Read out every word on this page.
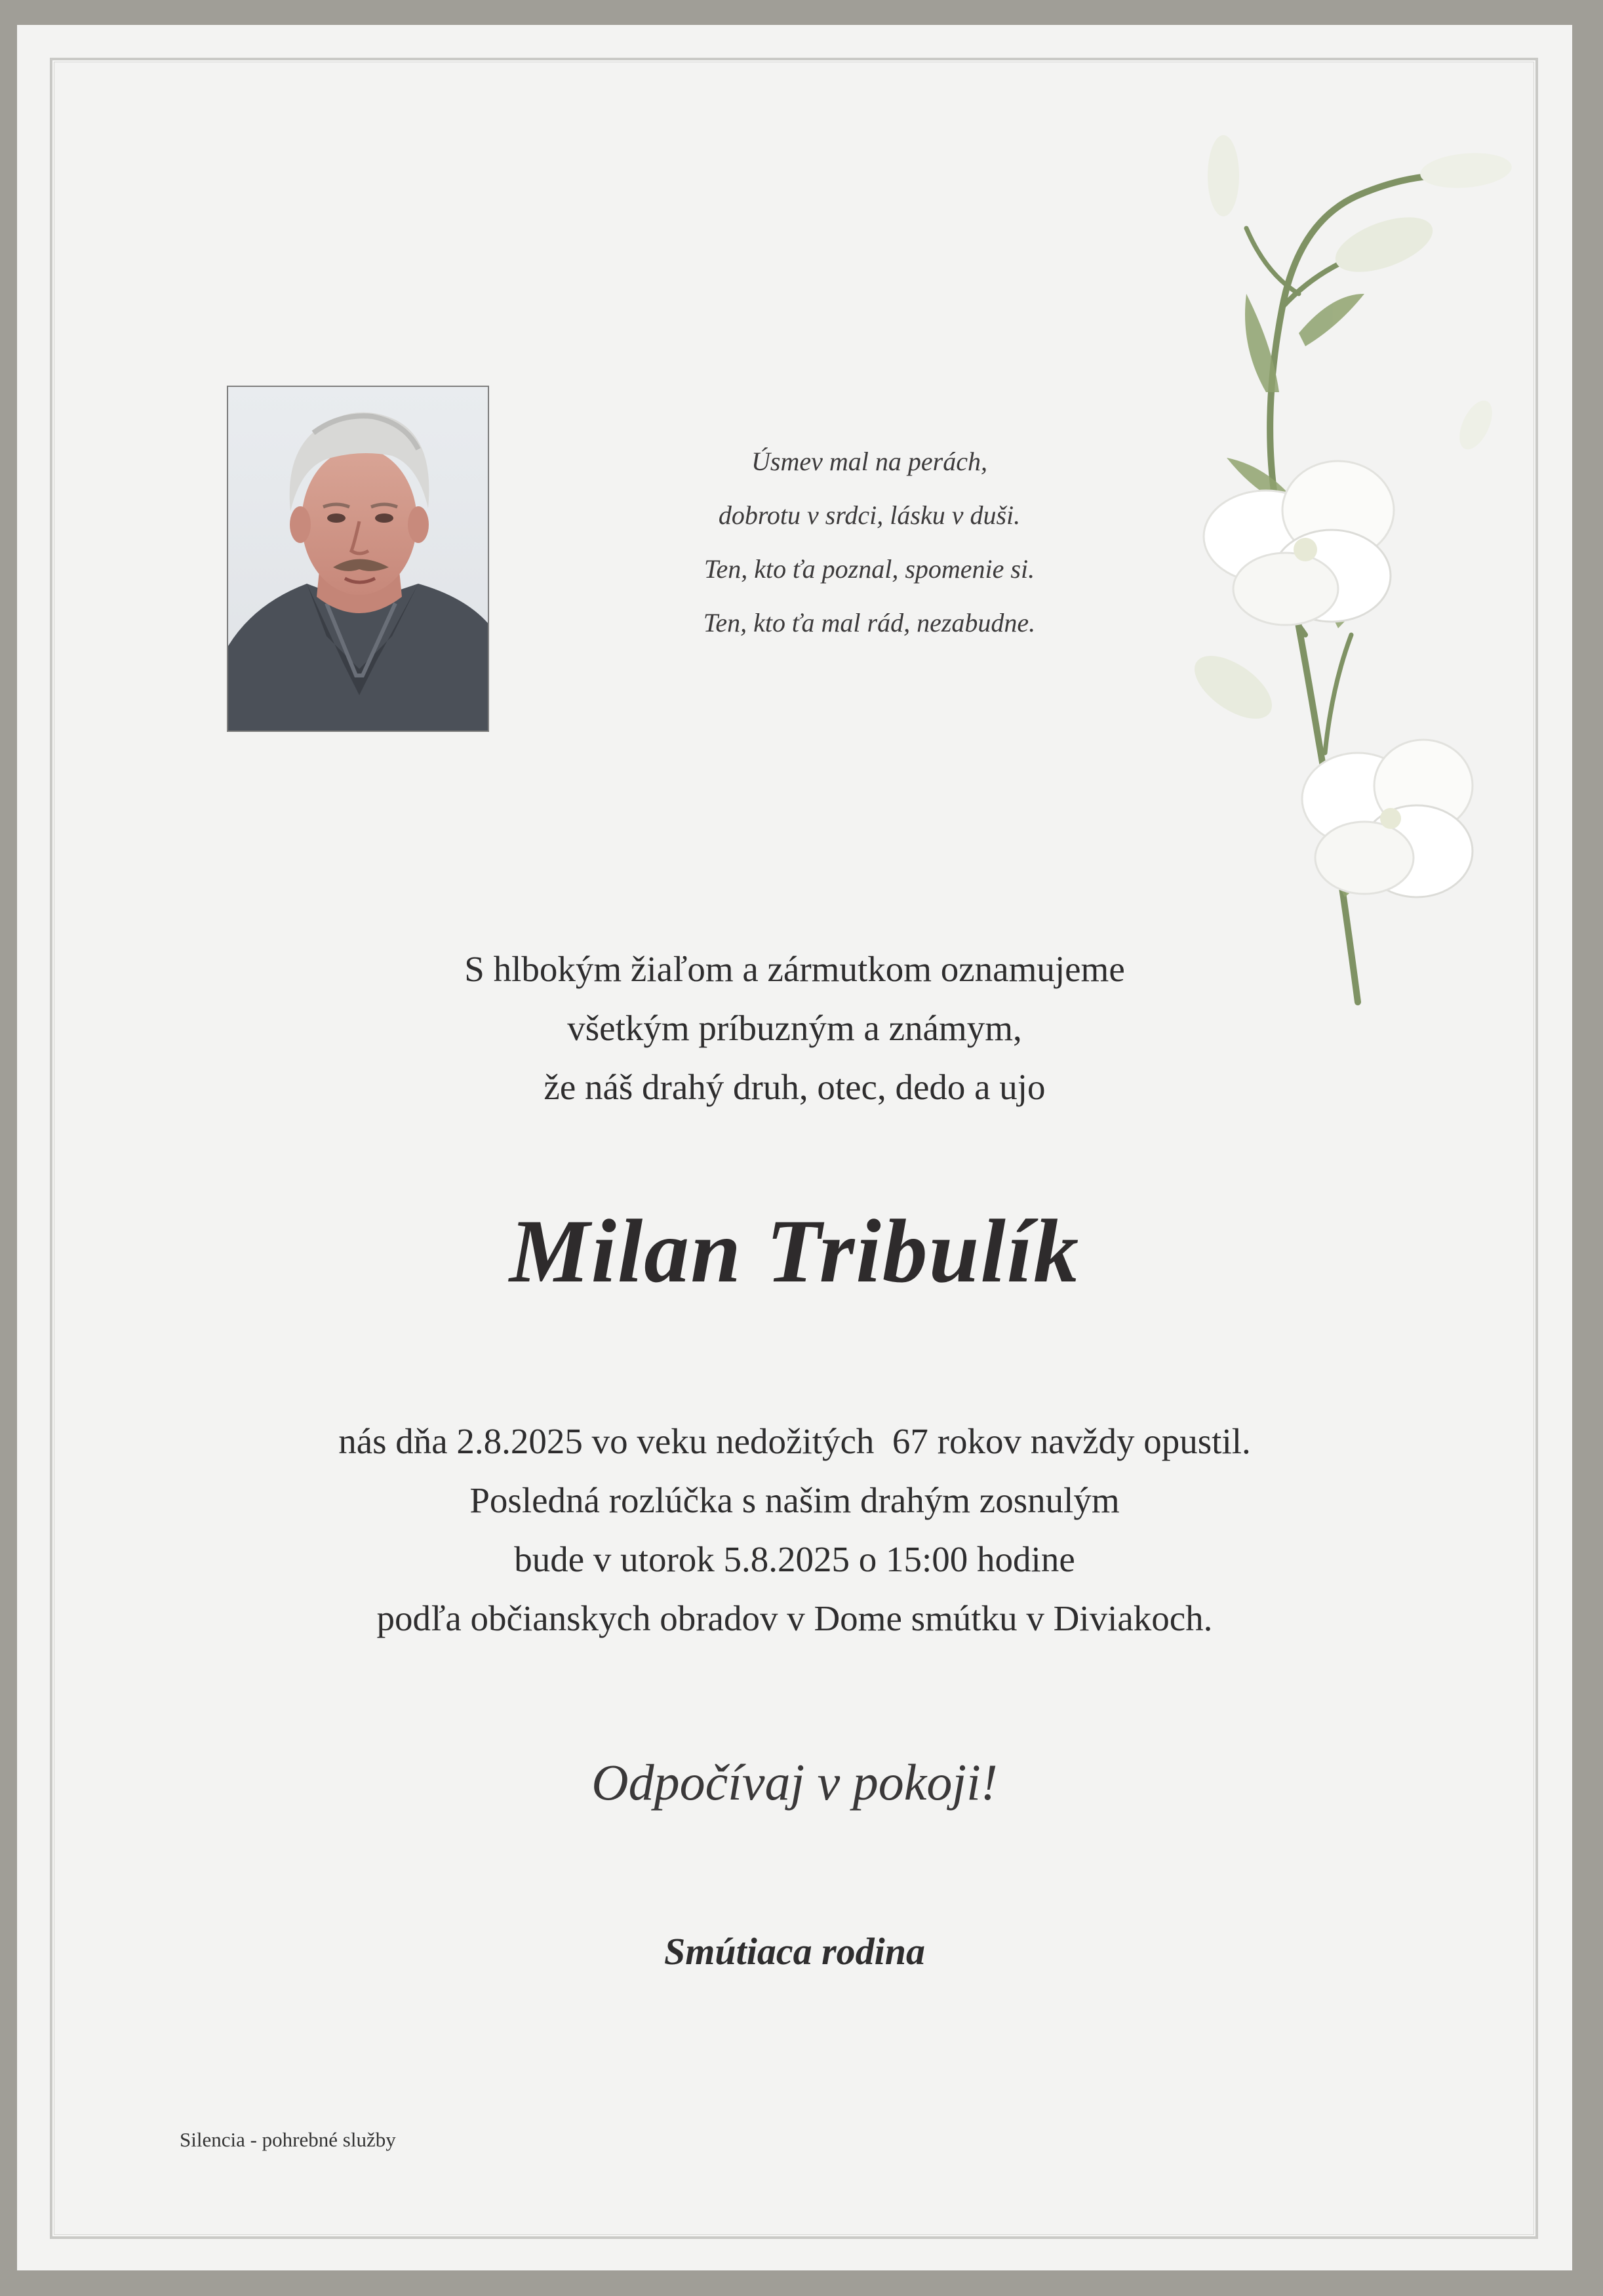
Úsmev mal na perách,
dobrotu v srdci, lásku v duši.
Ten, kto ťa poznal, spomenie si.
Ten, kto ťa mal rád, nezabudne.
S hlbokým žiaľom a zármutkom oznamujeme
všetkým príbuzným a známym,
že náš drahý druh, otec, dedo a ujo
Milan Tribulík
nás dňa 2.8.2025 vo veku nedožitých  67 rokov navždy opustil.
Posledná rozlúčka s našim drahým zosnulým
bude v utorok 5.8.2025 o 15:00 hodine
podľa občianskych obradov v Dome smútku v Diviakoch.
Odpočívaj v pokoji!
Smútiaca rodina
Silencia - pohrebné služby
